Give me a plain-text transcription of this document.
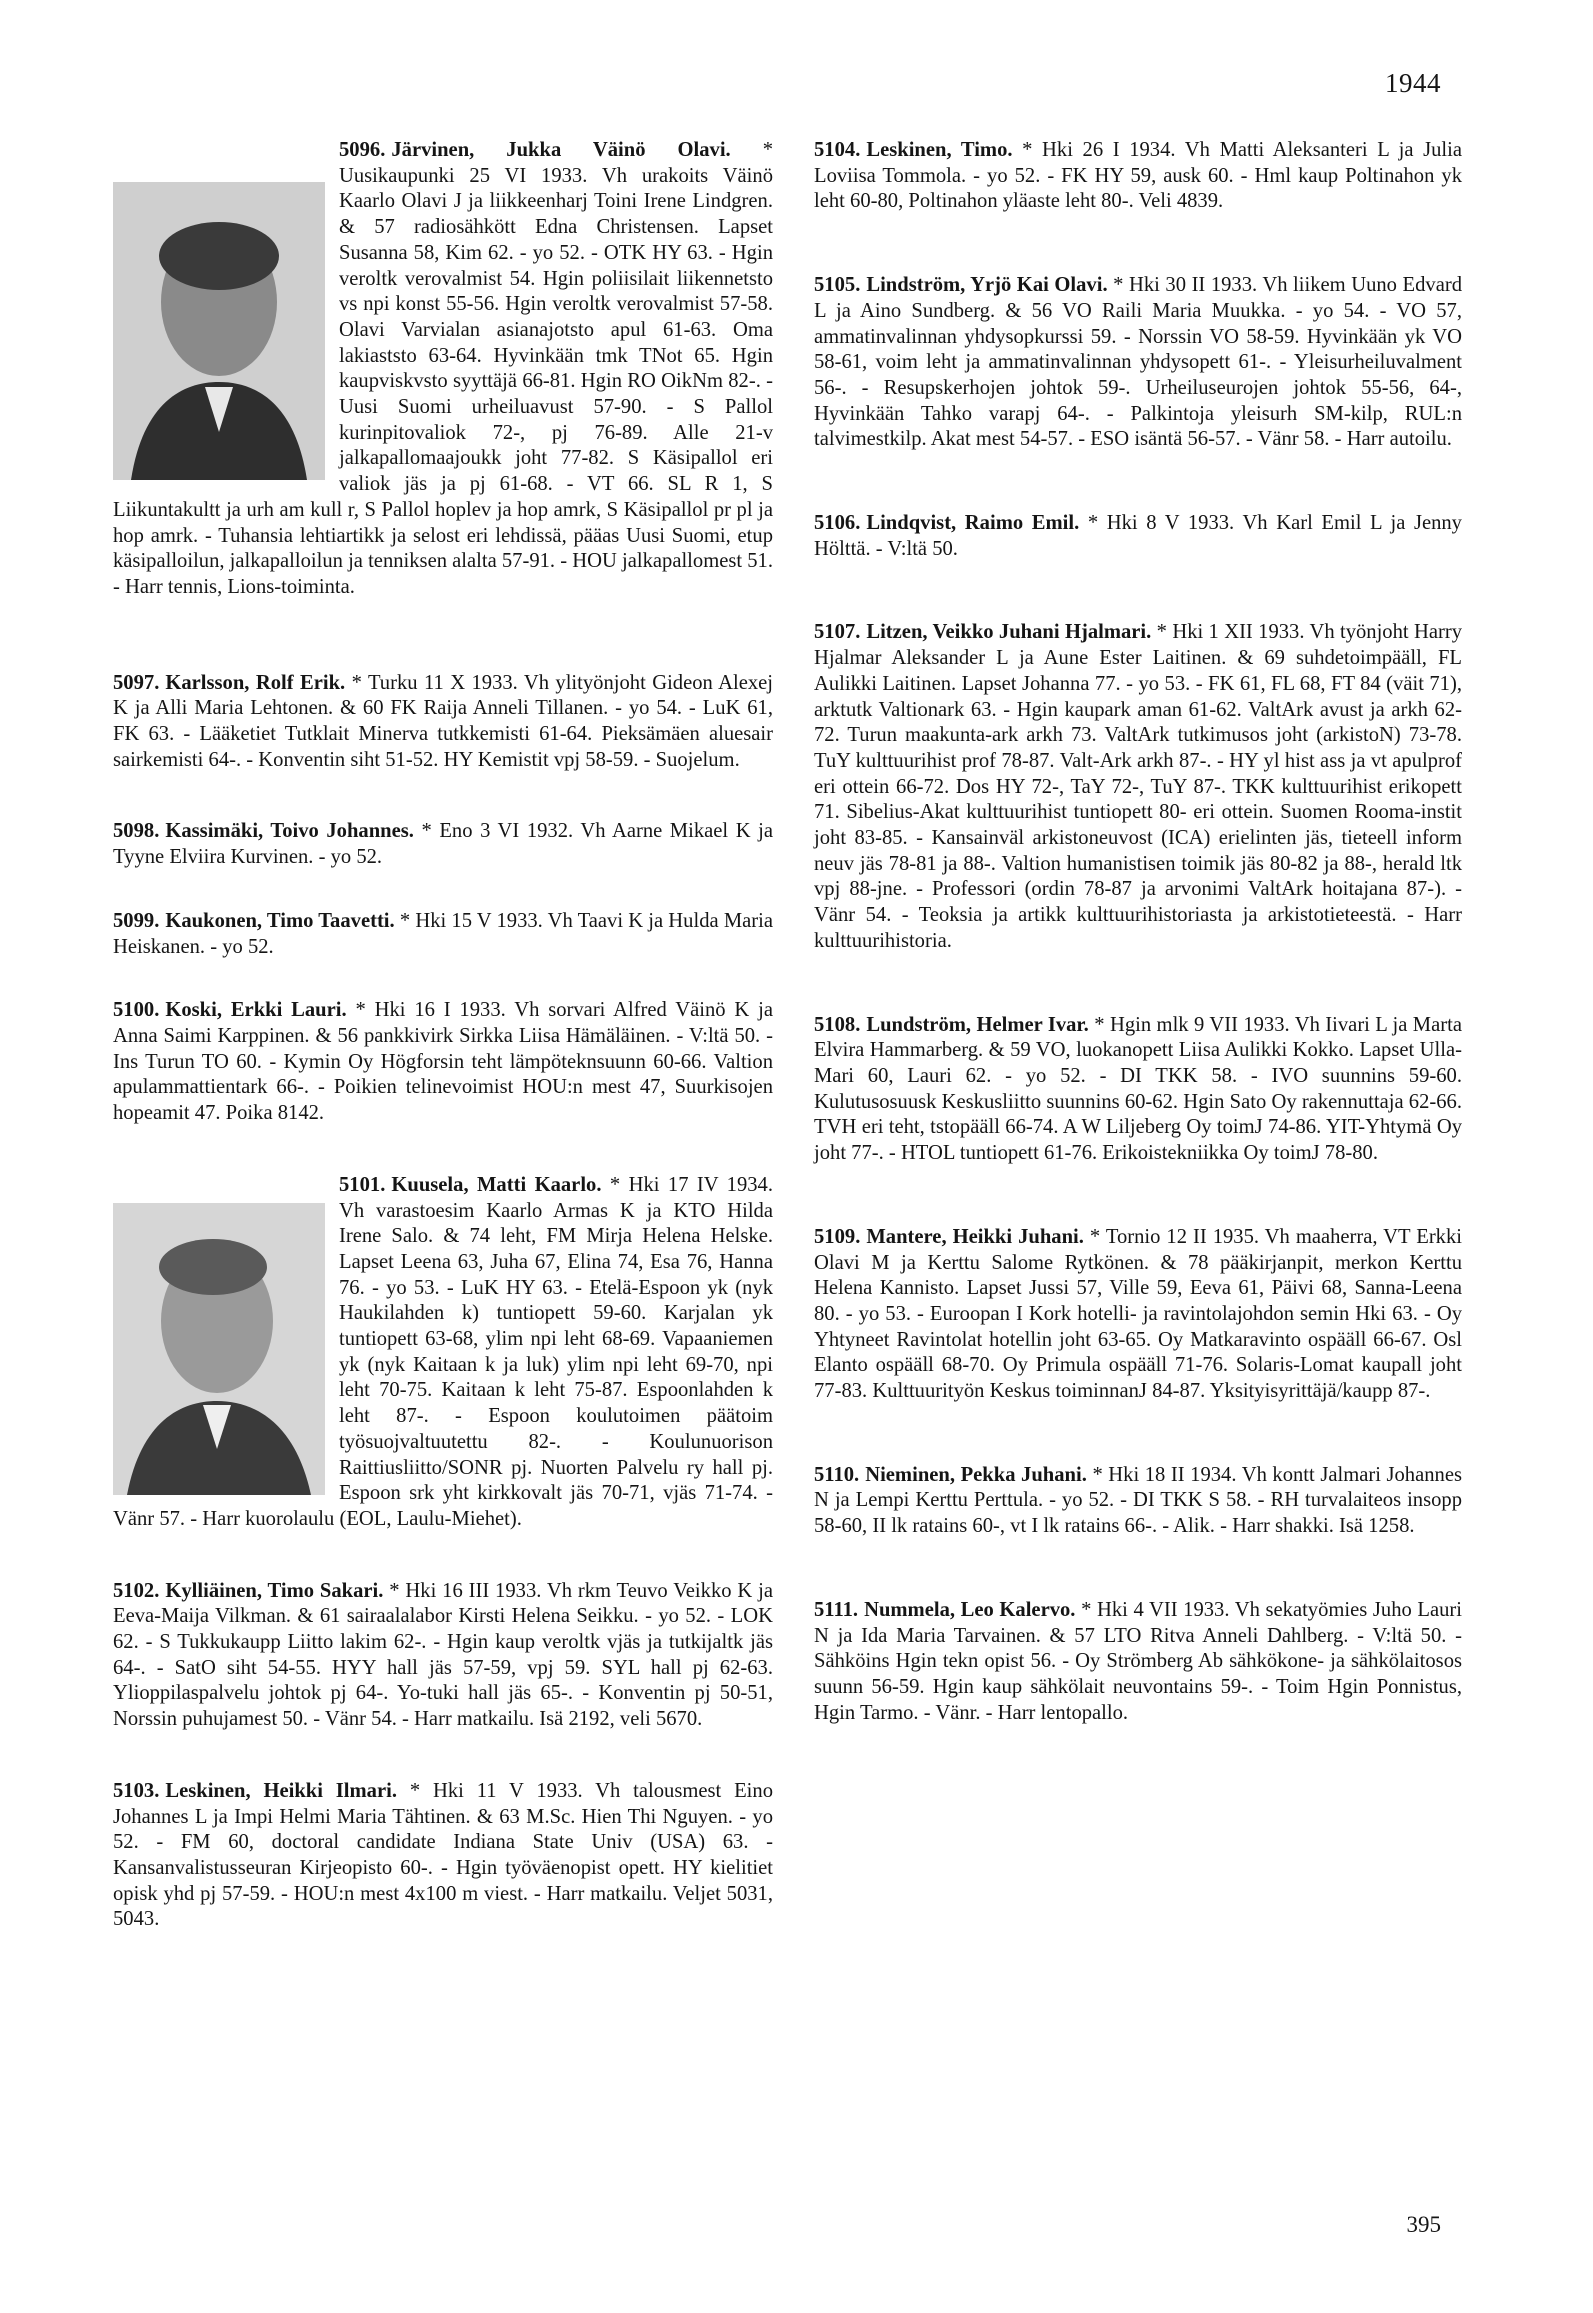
1944
5096. Järvinen, Jukka Väinö Olavi. * Uusikaupunki 25 VI 1933. Vh urakoits Väinö Kaarlo Olavi J ja liikkeenharj Toini Irene Lindgren. & 57 radiosähkött Edna Christensen. Lapset Susanna 58, Kim 62. - yo 52. - OTK HY 63. - Hgin veroltk verovalmist 54. Hgin poliisilait liikennetsto vs npi konst 55-56. Hgin veroltk verovalmist 57-58. Olavi Varvialan asianajotsto apul 61-63. Oma lakiaststo 63-64. Hyvinkään tmk TNot 65. Hgin kaupviskvsto syyttäjä 66-81. Hgin RO OikNm 82-. - Uusi Suomi urheiluavust 57-90. - S Pallol kurinpitovaliok 72-, pj 76-89. Alle 21-v jalkapallomaajoukk joht 77-82. S Käsipallol eri valiok jäs ja pj 61-68. - VT 66. SL R 1, S Liikuntakultt ja urh am kull r, S Pallol hoplev ja hop amrk, S Käsipallol pr pl ja hop amrk. - Tuhansia lehtiartikk ja selost eri lehdissä, pääas Uusi Suomi, etup käsipalloilun, jalkapalloilun ja tenniksen alalta 57-91. - HOU jalkapallomest 51. - Harr tennis, Lions-toiminta.
5097. Karlsson, Rolf Erik. * Turku 11 X 1933. Vh ylityönjoht Gideon Alexej K ja Alli Maria Lehtonen. & 60 FK Raija Anneli Tillanen. - yo 54. - LuK 61, FK 63. - Lääketiet Tutklait Minerva tutkkemisti 61-64. Pieksämäen aluesair sairkemisti 64-. - Konventin siht 51-52. HY Kemistit vpj 58-59. - Suojelum.
5098. Kassimäki, Toivo Johannes. * Eno 3 VI 1932. Vh Aarne Mikael K ja Tyyne Elviira Kurvinen. - yo 52.
5099. Kaukonen, Timo Taavetti. * Hki 15 V 1933. Vh Taavi K ja Hulda Maria Heiskanen. - yo 52.
5100. Koski, Erkki Lauri. * Hki 16 I 1933. Vh sorvari Alfred Väinö K ja Anna Saimi Karppinen. & 56 pankkivirk Sirkka Liisa Hämäläinen. - V:ltä 50. - Ins Turun TO 60. - Kymin Oy Högforsin teht lämpöteknsuunn 60-66. Valtion apulammattientark 66-. - Poikien telinevoimist HOU:n mest 47, Suurkisojen hopeamit 47. Poika 8142.
5101. Kuusela, Matti Kaarlo. * Hki 17 IV 1934. Vh varastoesim Kaarlo Armas K ja KTO Hilda Irene Salo. & 74 leht, FM Mirja Helena Helske. Lapset Leena 63, Juha 67, Elina 74, Esa 76, Hanna 76. - yo 53. - LuK HY 63. - Etelä-Espoon yk (nyk Haukilahden k) tuntiopett 59-60. Karjalan yk tuntiopett 63-68, ylim npi leht 68-69. Vapaaniemen yk (nyk Kaitaan k ja luk) ylim npi leht 69-70, npi leht 70-75. Kaitaan k leht 75-87. Espoonlahden k leht 87-. - Espoon koulutoimen päätoim työsuojvaltuutettu 82-. - Koulunuorison Raittiusliitto/SONR pj. Nuorten Palvelu ry hall pj. Espoon srk yht kirkkovalt jäs 70-71, vjäs 71-74. - Vänr 57. - Harr kuorolaulu (EOL, Laulu-Miehet).
5102. Kylliäinen, Timo Sakari. * Hki 16 III 1933. Vh rkm Teuvo Veikko K ja Eeva-Maija Vilkman. & 61 sairaalalabor Kirsti Helena Seikku. - yo 52. - LOK 62. - S Tukkukaupp Liitto lakim 62-. - Hgin kaup veroltk vjäs ja tutkijaltk jäs 64-. - SatO siht 54-55. HYY hall jäs 57-59, vpj 59. SYL hall pj 62-63. Ylioppilaspalvelu johtok pj 64-. Yo-tuki hall jäs 65-. - Konventin pj 50-51, Norssin puhujamest 50. - Vänr 54. - Harr matkailu. Isä 2192, veli 5670.
5103. Leskinen, Heikki Ilmari. * Hki 11 V 1933. Vh talousmest Eino Johannes L ja Impi Helmi Maria Tähtinen. & 63 M.Sc. Hien Thi Nguyen. - yo 52. - FM 60, doctoral candidate Indiana State Univ (USA) 63. - Kansanvalistusseuran Kirjeopisto 60-. - Hgin työväenopist opett. HY kielitiet opisk yhd pj 57-59. - HOU:n mest 4x100 m viest. - Harr matkailu. Veljet 5031, 5043.
5104. Leskinen, Timo. * Hki 26 I 1934. Vh Matti Aleksanteri L ja Julia Loviisa Tommola. - yo 52. - FK HY 59, ausk 60. - Hml kaup Poltinahon yk leht 60-80, Poltinahon yläaste leht 80-. Veli 4839.
5105. Lindström, Yrjö Kai Olavi. * Hki 30 II 1933. Vh liikem Uuno Edvard L ja Aino Sundberg. & 56 VO Raili Maria Muukka. - yo 54. - VO 57, ammatinvalinnan yhdysopkurssi 59. - Norssin VO 58-59. Hyvinkään yk VO 58-61, voim leht ja ammatinvalinnan yhdysopett 61-. - Yleisurheiluvalment 56-. - Resupskerhojen johtok 59-. Urheiluseurojen johtok 55-56, 64-, Hyvinkään Tahko varapj 64-. - Palkintoja yleisurh SM-kilp, RUL:n talvimestkilp. Akat mest 54-57. - ESO isäntä 56-57. - Vänr 58. - Harr autoilu.
5106. Lindqvist, Raimo Emil. * Hki 8 V 1933. Vh Karl Emil L ja Jenny Hölttä. - V:ltä 50.
5107. Litzen, Veikko Juhani Hjalmari. * Hki 1 XII 1933. Vh työnjoht Harry Hjalmar Aleksander L ja Aune Ester Laitinen. & 69 suhdetoimpääll, FL Aulikki Laitinen. Lapset Johanna 77. - yo 53. - FK 61, FL 68, FT 84 (väit 71), arktutk Valtionark 63. - Hgin kaupark aman 61-62. ValtArk avust ja arkh 62-72. Turun maakunta-ark arkh 73. ValtArk tutkimusos joht (arkistoN) 73-78. TuY kulttuurihist prof 78-87. Valt-Ark arkh 87-. - HY yl hist ass ja vt apulprof eri ottein 66-72. Dos HY 72-, TaY 72-, TuY 87-. TKK kulttuurihist erikopett 71. Sibelius-Akat kulttuurihist tuntiopett 80- eri ottein. Suomen Rooma-instit joht 83-85. - Kansainväl arkistoneuvost (ICA) erielinten jäs, tieteell inform neuv jäs 78-81 ja 88-. Valtion humanistisen toimik jäs 80-82 ja 88-, herald ltk vpj 88-jne. - Professori (ordin 78-87 ja arvonimi ValtArk hoitajana 87-). - Vänr 54. - Teoksia ja artikk kulttuurihistoriasta ja arkistotieteestä. - Harr kulttuurihistoria.
5108. Lundström, Helmer Ivar. * Hgin mlk 9 VII 1933. Vh Iivari L ja Marta Elvira Hammarberg. & 59 VO, luokanopett Liisa Aulikki Kokko. Lapset Ulla-Mari 60, Lauri 62. - yo 52. - DI TKK 58. - IVO suunnins 59-60. Kulutusosuusk Keskusliitto suunnins 60-62. Hgin Sato Oy rakennuttaja 62-66. TVH eri teht, tstopääll 66-74. A W Liljeberg Oy toimJ 74-86. YIT-Yhtymä Oy joht 77-. - HTOL tuntiopett 61-76. Erikoistekniikka Oy toimJ 78-80.
5109. Mantere, Heikki Juhani. * Tornio 12 II 1935. Vh maaherra, VT Erkki Olavi M ja Kerttu Salome Rytkönen. & 78 pääkirjanpit, merkon Kerttu Helena Kannisto. Lapset Jussi 57, Ville 59, Eeva 61, Päivi 68, Sanna-Leena 80. - yo 53. - Euroopan I Kork hotelli- ja ravintolajohdon semin Hki 63. - Oy Yhtyneet Ravintolat hotellin joht 63-65. Oy Matkaravinto ospääll 66-67. Osl Elanto ospääll 68-70. Oy Primula ospääll 71-76. Solaris-Lomat kaupall joht 77-83. Kulttuurityön Keskus toiminnanJ 84-87. Yksityisyrittäjä/kaupp 87-.
5110. Nieminen, Pekka Juhani. * Hki 18 II 1934. Vh kontt Jalmari Johannes N ja Lempi Kerttu Perttula. - yo 52. - DI TKK S 58. - RH turvalaiteos insopp 58-60, II lk ratains 60-, vt I lk ratains 66-. - Alik. - Harr shakki. Isä 1258.
5111. Nummela, Leo Kalervo. * Hki 4 VII 1933. Vh sekatyömies Juho Lauri N ja Ida Maria Tarvainen. & 57 LTO Ritva Anneli Dahlberg. - V:ltä 50. - Sähköins Hgin tekn opist 56. - Oy Strömberg Ab sähkökone- ja sähkölaitosos suunn 56-59. Hgin kaup sähkölait neuvontains 59-. - Toim Hgin Ponnistus, Hgin Tarmo. - Vänr. - Harr lentopallo.
395
